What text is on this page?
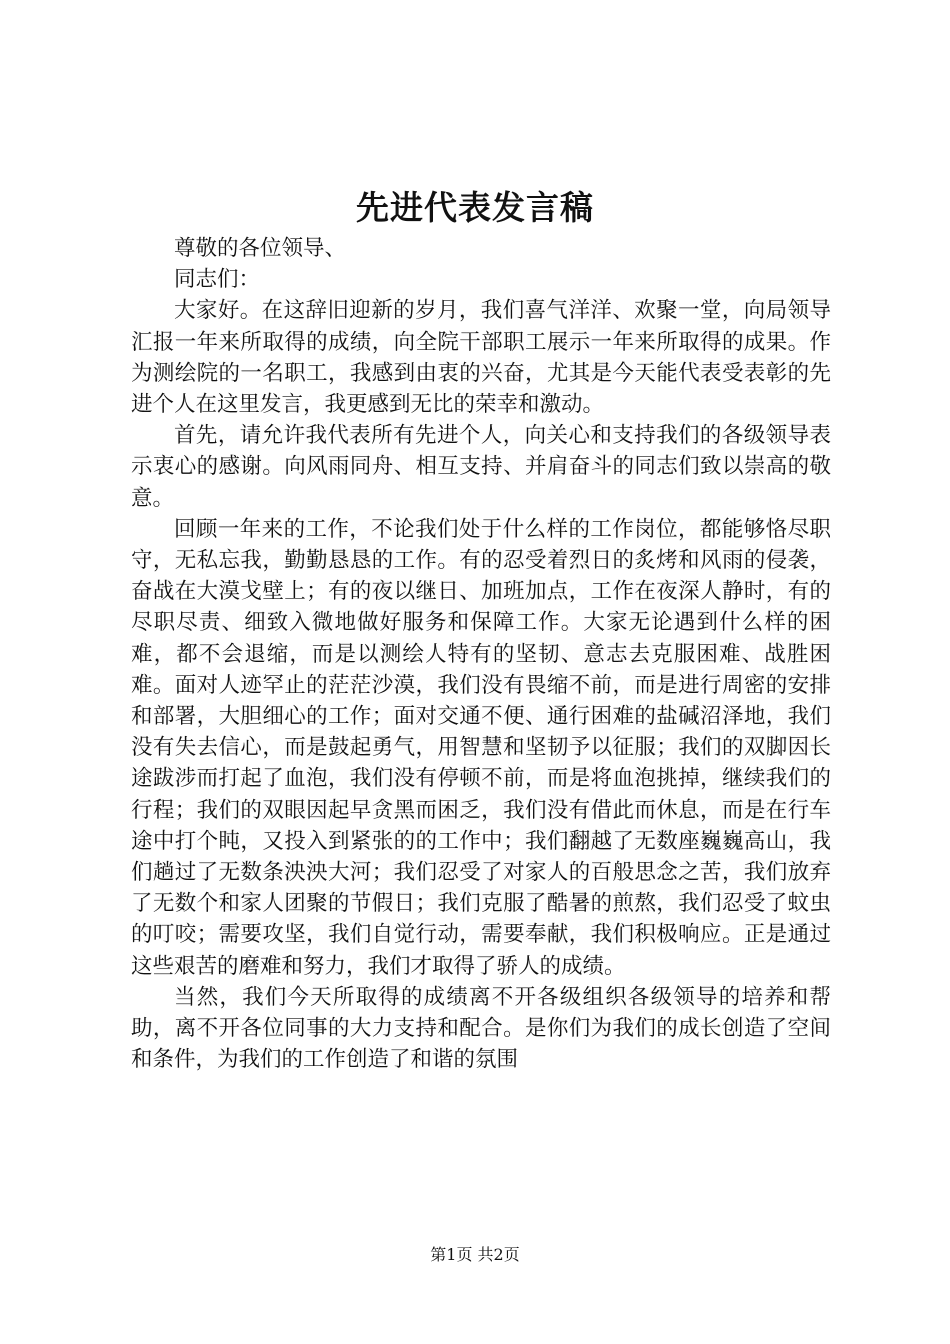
先进代表发言稿

尊敬的各位领导、

同志们：

大家好。在这辞旧迎新的岁月，我们喜气洋洋、欢聚一堂，向局领导汇报一年来所取得的成绩，向全院干部职工展示一年来所取得的成果。作为测绘院的一名职工，我感到由衷的兴奋，尤其是今天能代表受表彰的先进个人在这里发言，我更感到无比的荣幸和激动。

首先，请允许我代表所有先进个人，向关心和支持我们的各级领导表示衷心的感谢。向风雨同舟、相互支持、并肩奋斗的同志们致以崇高的敬意。

回顾一年来的工作，不论我们处于什么样的工作岗位，都能够恪尽职守，无私忘我，勤勤恳恳的工作。有的忍受着烈日的炙烤和风雨的侵袭，奋战在大漠戈壁上；有的夜以继日、加班加点，工作在夜深人静时，有的尽职尽责、细致入微地做好服务和保障工作。大家无论遇到什么样的困难，都不会退缩，而是以测绘人特有的坚韧、意志去克服困难、战胜困难。面对人迹罕止的茫茫沙漠，我们没有畏缩不前，而是进行周密的安排和部署，大胆细心的工作；面对交通不便、通行困难的盐碱沼泽地，我们没有失去信心，而是鼓起勇气，用智慧和坚韧予以征服；我们的双脚因长途跋涉而打起了血泡，我们没有停顿不前，而是将血泡挑掉，继续我们的行程；我们的双眼因起早贪黑而困乏，我们没有借此而休息，而是在行车途中打个盹，又投入到紧张的的工作中；我们翻越了无数座巍巍高山，我们趟过了无数条泱泱大河；我们忍受了对家人的百般思念之苦，我们放弃了无数个和家人团聚的节假日；我们克服了酷暑的煎熬，我们忍受了蚊虫的叮咬；需要攻坚，我们自觉行动，需要奉献，我们积极响应。正是通过这些艰苦的磨难和努力，我们才取得了骄人的成绩。

当然，我们今天所取得的成绩离不开各级组织各级领导的培养和帮助，离不开各位同事的大力支持和配合。是你们为我们的成长创造了空间和条件，为我们的工作创造了和谐的氛围

第1页 共2页
